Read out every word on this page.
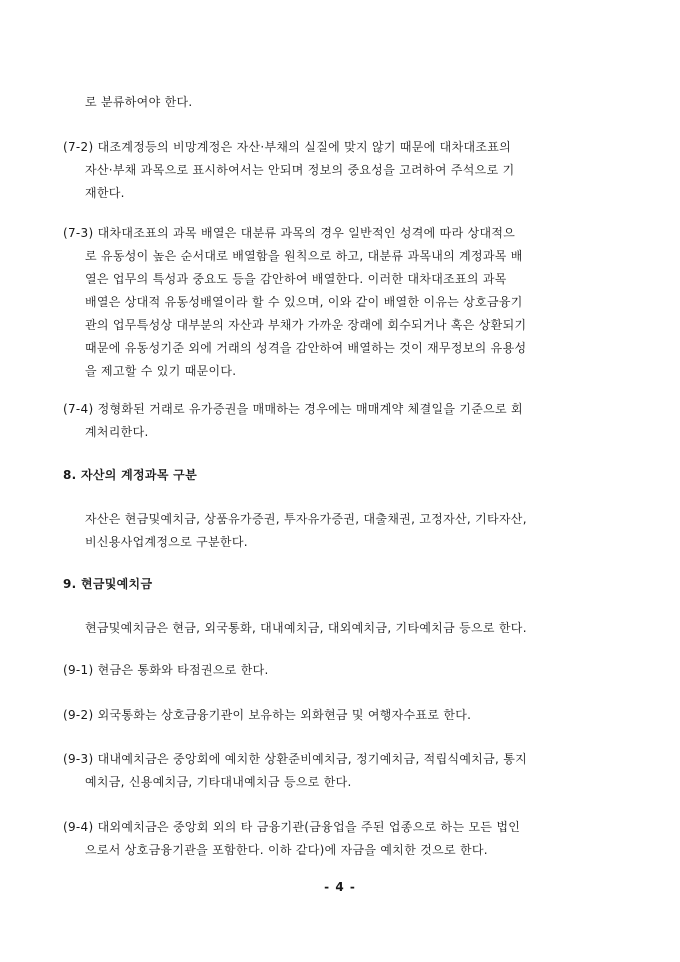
로 분류하여야 한다.
(7-2) 대조계정등의 비망계정은 자산·부채의 실질에 맞지 않기 때문에 대차대조표의
자산·부채 과목으로 표시하여서는 안되며 정보의 중요성을 고려하여 주석으로 기
재한다.
(7-3) 대차대조표의 과목 배열은 대분류 과목의 경우 일반적인 성격에 따라 상대적으
로 유동성이 높은 순서대로 배열함을 원칙으로 하고, 대분류 과목내의 계정과목 배
열은 업무의 특성과 중요도 등을 감안하여 배열한다. 이러한 대차대조표의 과목
배열은 상대적 유동성배열이라 할 수 있으며, 이와 같이 배열한 이유는 상호금융기
관의 업무특성상 대부분의 자산과 부채가 가까운 장래에 회수되거나 혹은 상환되기
때문에 유동성기준 외에 거래의 성격을 감안하여 배열하는 것이 재무정보의 유용성
을 제고할 수 있기 때문이다.
(7-4) 정형화된 거래로 유가증권을 매매하는 경우에는 매매계약 체결일을 기준으로 회
계처리한다.
8. 자산의 계정과목 구분
자산은 현금및예치금, 상품유가증권, 투자유가증권, 대출채권, 고정자산, 기타자산,
비신용사업계정으로 구분한다.
9. 현금및예치금
현금및예치금은 현금, 외국통화, 대내예치금, 대외예치금, 기타예치금 등으로 한다.
(9-1) 현금은 통화와 타점권으로 한다.
(9-2) 외국통화는 상호금융기관이 보유하는 외화현금 및 여행자수표로 한다.
(9-3) 대내예치금은 중앙회에 예치한 상환준비예치금, 정기예치금, 적립식예치금, 통지
예치금, 신용예치금, 기타대내예치금 등으로 한다.
(9-4) 대외예치금은 중앙회 외의 타 금융기관(금융업을 주된 업종으로 하는 모든 법인
으로서 상호금융기관을 포함한다. 이하 같다)에 자금을 예치한 것으로 한다.
- 4 -
